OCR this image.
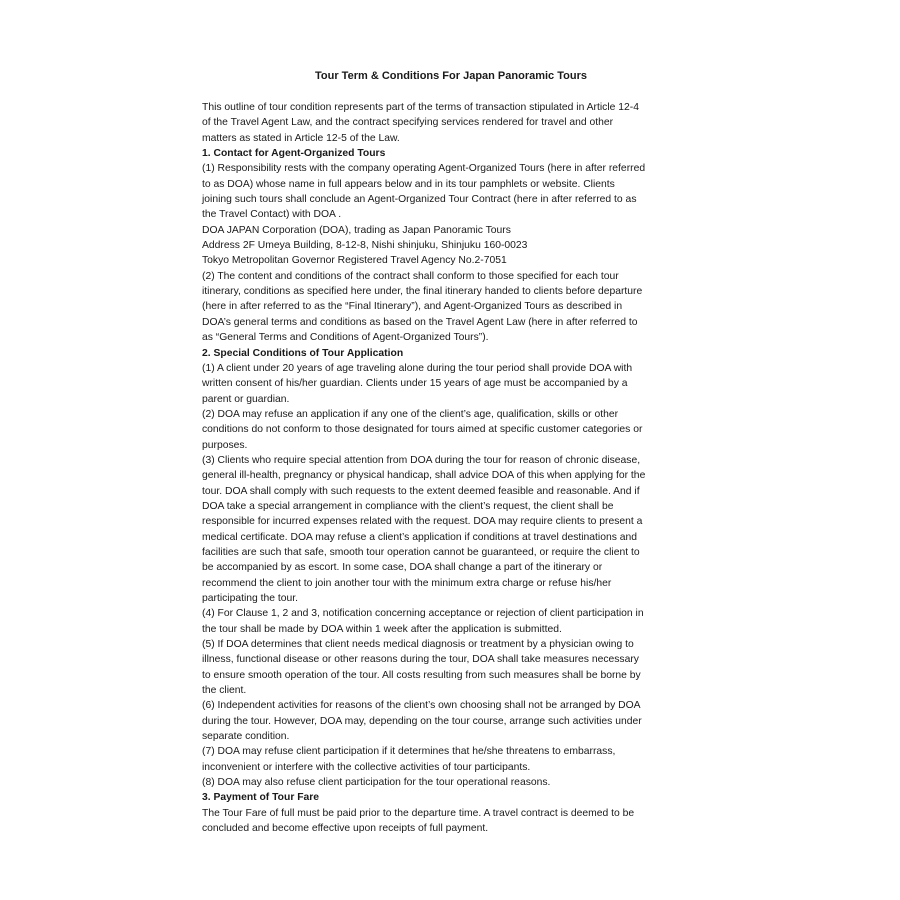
Tour Term & Conditions For Japan Panoramic Tours

This outline of tour condition represents part of the terms of transaction stipulated in Article 12-4

of the Travel Agent Law, and the contract specifying services rendered for travel and other

matters as stated in Article 12-5 of the Law.

1. Contact for Agent-Organized Tours

(1) Responsibility rests with the company operating Agent-Organized Tours (here in after referred

to as DOA) whose name in full appears below and in its tour pamphlets or website. Clients

joining such tours shall conclude an Agent-Organized Tour Contract (here in after referred to as

the Travel Contact) with DOA .

DOA JAPAN Corporation (DOA), trading as Japan Panoramic Tours

Address 2F Umeya Building, 8-12-8, Nishi shinjuku, Shinjuku 160-0023

Tokyo Metropolitan Governor Registered Travel Agency No.2-7051

(2) The content and conditions of the contract shall conform to those specified for each tour

itinerary, conditions as specified here under, the final itinerary handed to clients before departure

(here in after referred to as the “Final Itinerary”), and Agent-Organized Tours as described in

DOA’s general terms and conditions as based on the Travel Agent Law (here in after referred to

as “General Terms and Conditions of Agent-Organized Tours”).

2. Special Conditions of Tour Application

(1) A client under 20 years of age traveling alone during the tour period shall provide DOA with

written consent of his/her guardian. Clients under 15 years of age must be accompanied by a

parent or guardian.

(2) DOA may refuse an application if any one of the client’s age, qualification, skills or other

conditions do not conform to those designated for tours aimed at specific customer categories or

purposes.

(3) Clients who require special attention from DOA during the tour for reason of chronic disease,

general ill-health, pregnancy or physical handicap, shall advice DOA of this when applying for the

tour. DOA shall comply with such requests to the extent deemed feasible and reasonable. And if

DOA take a special arrangement in compliance with the client’s request, the client shall be

responsible for incurred expenses related with the request. DOA may require clients to present a

medical certificate. DOA may refuse a client’s application if conditions at travel destinations and

facilities are such that safe, smooth tour operation cannot be guaranteed, or require the client to

be accompanied by as escort. In some case, DOA shall change a part of the itinerary or

recommend the client to join another tour with the minimum extra charge or refuse his/her

participating the tour.

(4) For Clause 1, 2 and 3, notification concerning acceptance or rejection of client participation in

the tour shall be made by DOA within 1 week after the application is submitted.

(5) If DOA determines that client needs medical diagnosis or treatment by a physician owing to

illness, functional disease or other reasons during the tour, DOA shall take measures necessary

to ensure smooth operation of the tour. All costs resulting from such measures shall be borne by

the client.

(6) Independent activities for reasons of the client’s own choosing shall not be arranged by DOA

during the tour. However, DOA may, depending on the tour course, arrange such activities under

separate condition.

(7) DOA may refuse client participation if it determines that he/she threatens to embarrass,

inconvenient or interfere with the collective activities of tour participants.

(8) DOA may also refuse client participation for the tour operational reasons.

3. Payment of Tour Fare

The Tour Fare of full must be paid prior to the departure time. A travel contract is deemed to be

concluded and become effective upon receipts of full payment.
